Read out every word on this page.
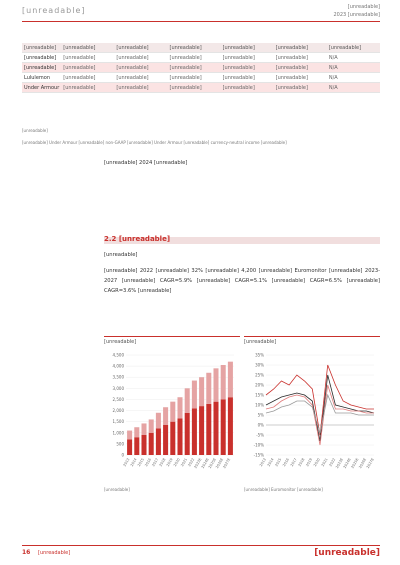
[unreadable]	[unreadable]
2023 [unreadable]
[unreadable]	[unreadable]	[unreadable]	[unreadable]	[unreadable]	[unreadable]	[unreadable]
[unreadable]	[unreadable]	[unreadable]	[unreadable]	[unreadable]	[unreadable]	N/A
[unreadable]	[unreadable]	[unreadable]	[unreadable]	[unreadable]	[unreadable]	N/A
Lululemon	[unreadable]	[unreadable]	[unreadable]	[unreadable]	[unreadable]	N/A
Under Armour	[unreadable]	[unreadable]	[unreadable]	[unreadable]	[unreadable]	N/A
[unreadable]
[unreadable] Under Armour [unreadable] non-GAAP [unreadable] Under Armour [unreadable] currency-neutral income [unreadable]

[unreadable] 2024 [unreadable]

2.2 [unreadable]

[unreadable]

[unreadable] 2022 [unreadable] 32% [unreadable] 4,200 [unreadable] Euromonitor [unreadable] 2023-2027 [unreadable] CAGR=5.9% [unreadable] CAGR=5.1% [unreadable] CAGR=6.5% [unreadable] CAGR=3.6% [unreadable]

[unreadable]
4,500
4,000
3,500
3,000
2,500
2,000
1,500
1,000
500
0
2013 2014 2015 2016 2017 2018 2019 2020 2021 2022
2023E
2024E
2025E
2026E
2027E
[unreadable]
[unreadable]
35%
30%
25%
20%
15%
10%
5%
0%
-5%
-10%
-15%
2013 2014 2015 2016 2017 2018 2019 2020 2021 2022
2023E
2024E
2025E
2026E
2027E
[unreadable] Euromonitor [unreadable]
16 [unreadable]	[unreadable]
